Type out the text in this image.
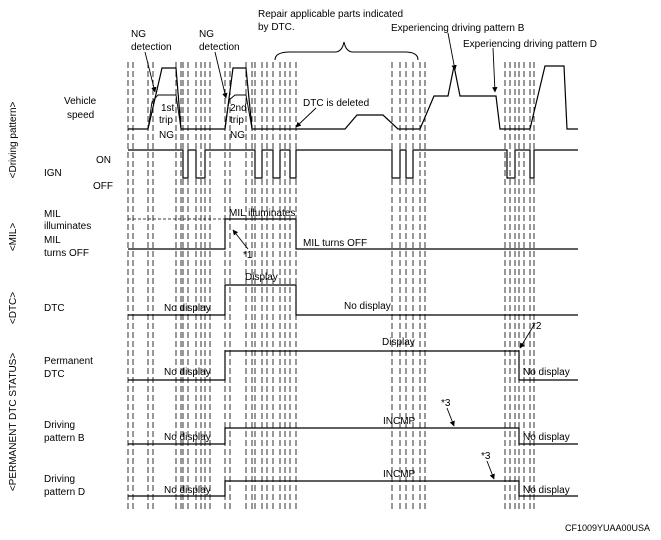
<Driving pattern>
<MIL>
<DTC>
<PERMANENT DTC STATUS>
Vehicle
speed
IGN
ON
OFF
MIL
illuminates
MIL
turns OFF
DTC
Permanent
DTC
Driving
pattern B
Driving
pattern D
NG
detection
NG
detection
Repair applicable parts indicated
by DTC.	Experiencing driving pattern B
Experiencing driving pattern D
1st
trip
2nd
trip
NG	NG
DTC is deleted
MIL illuminates
MIL turns OFF
*1
Display
No display	No display
Display
No display	No display
*2
INCMP
No display	No display
*3
INCMP
No display	No display
*3
CF1009YUAA00USA
